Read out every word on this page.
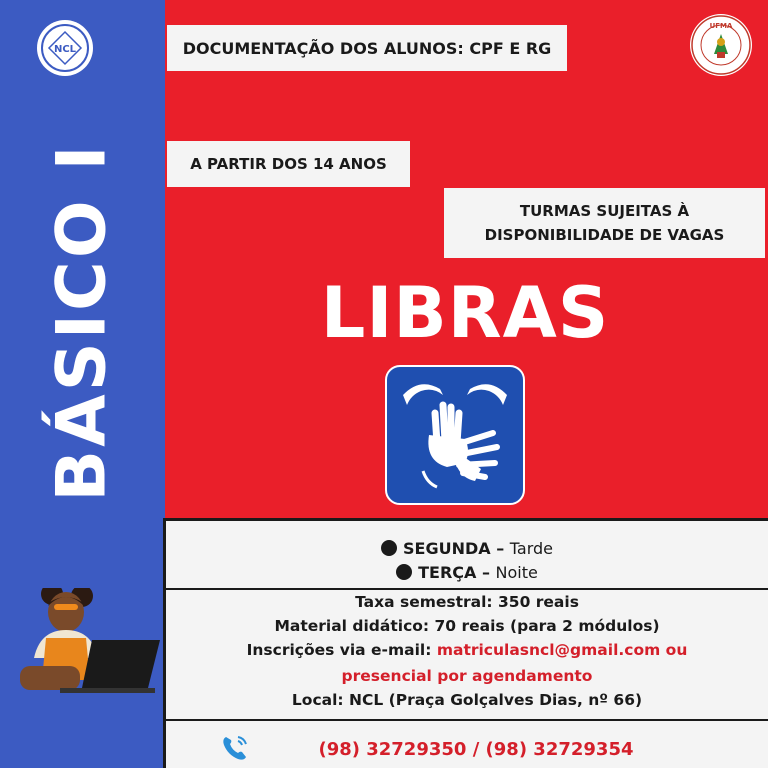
NCL
UFMA
BÁSICO I
DOCUMENTAÇÃO DOS ALUNOS: CPF E RG
A PARTIR DOS 14 ANOS
TURMAS SUJEITAS À
DISPONIBILIDADE DE VAGAS
LIBRAS
SEGUNDA – Tarde
TERÇA – Noite
Taxa semestral: 350 reais
Material didático: 70 reais (para 2 módulos)
Inscrições via e-mail: matriculasncl@gmail.com ou
presencial por agendamento
Local: NCL (Praça Golçalves Dias, nº 66)
(98) 32729350 / (98) 32729354
